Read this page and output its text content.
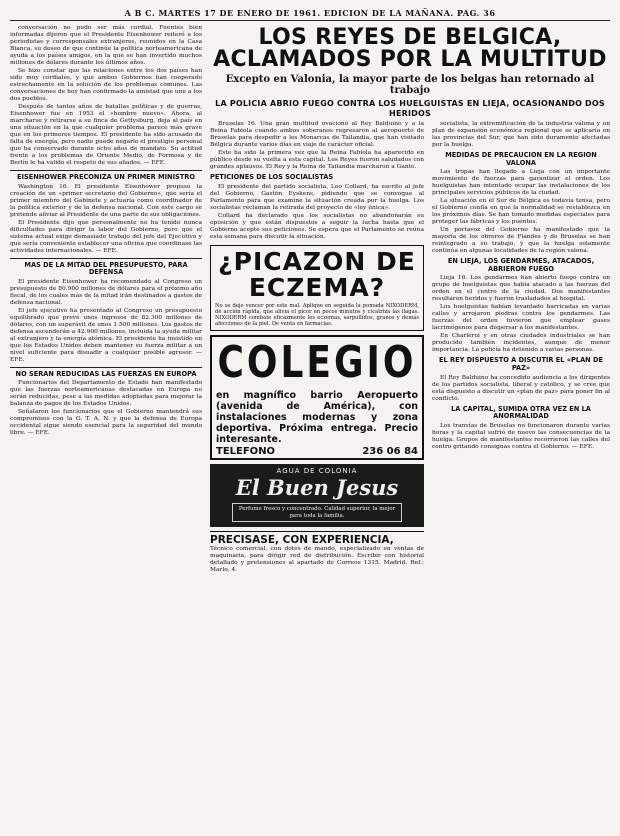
A B C. MARTES 17 DE ENERO DE 1961. EDICION DE LA MAÑANA. PAG. 36

conversación no pudo ser más cordial. Fuentes bien informadas dijeron que el Presidente Eisenhower reiteró a los periodistas y corresponsales extranjeros, reunidos en la Casa Blanca, su deseo de que continúe la política norteamericana de ayuda a los países amigos, en la que se han invertido muchos millones de dólares durante los últimos años.

Se hizo constar que las relaciones entre los dos países han sido muy cordiales, y que ambos Gobiernos han cooperado estrechamente en la solución de los problemas comunes. Las conversaciones de hoy han confirmado la amistad que une a los dos pueblos.

Después de tantos años de batallas políticas y de guerras, Eisenhower fue en 1953 el «hombre nuevo». Ahora, al marcharse y retirarse a su finca de Gettysburg, deja al país en una situación en la que cualquier problema parece más grave que en los primeros tiempos. El presidente ha sido acusado de falta de energía, pero nadie puede negarle el prestigio personal que ha conservado durante ocho años de mandato. Su actitud frente a los problemas de Oriente Medio, de Formosa y de Berlín le ha valido el respeto de sus aliados. — EFE.

EISENHOWER PRECONIZA UN PRIMER MINISTRO

Washington 16. El presidente Eisenhower propuso la creación de un «primer secretario del Gobierno», que sería el primer miembro del Gabinete y actuaría como coordinador de la política exterior y de la defensa nacional. Con este cargo se pretende aliviar al Presidente de una parte de sus obligaciones.

El Presidente dijo que personalmente no ha tenido nunca dificultades para dirigir la labor del Gobierno, pero que el sistema actual exige demasiado trabajo del jefe del Ejecutivo y que sería conveniente establecer una oficina que coordinase las actividades internacionales. — EFE.

MAS DE LA MITAD DEL PRESUPUESTO, PARA DEFENSA

El presidente Eisenhower ha recomendado al Congreso un presupuesto de 80.900 millones de dólares para el próximo año fiscal, de los cuales más de la mitad irán destinados a gastos de defensa nacional.

El jefe ejecutivo ha presentado al Congreso un presupuesto equilibrado que prevé unos ingresos de 82.300 millones de dólares, con un superávit de unos 1.500 millones. Los gastos de defensa ascenderán a 42.900 millones, incluida la ayuda militar al extranjero y la energía atómica. El presidente ha insistido en que los Estados Unidos deben mantener su fuerza militar a un nivel suficiente para disuadir a cualquier posible agresor. — EFE.

NO SERAN REDUCIDAS LAS FUERZAS EN EUROPA

Funcionarios del Departamento de Estado han manifestado que las fuerzas norteamericanas destacadas en Europa no serán reducidas, pese a las medidas adoptadas para mejorar la balanza de pagos de los Estados Unidos.

Señalaron los funcionarios que el Gobierno mantendrá sus compromisos con la O. T. A. N. y que la defensa de Europa occidental sigue siendo esencial para la seguridad del mundo libre. — EFE.

LOS REYES DE BELGICA, ACLAMADOS POR LA MULTITUD
Excepto en Valonia, la mayor parte de los belgas han retornado al trabajo
LA POLICIA ABRIO FUEGO CONTRA LOS HUELGUISTAS EN LIEJA, OCASIONANDO DOS HERIDOS

Bruselas 16. Una gran multitud ovacionó al Rey Balduino y a la Reina Fabiola cuando ambos soberanos regresaron al aeropuerto de Bruselas para despedir a los Monarcas de Tailandia, que han visitado Bélgica durante varios días en viaje de carácter oficial.

Este ha sido la primera vez que la Reina Fabiola ha aparecido en público desde su vuelta a esta capital. Los Reyes fueron saludados con grandes aplausos. El Rey y la Reina de Tailandia marcharon a Gante.

PETICIONES DE LOS SOCIALISTAS

El presidente del partido socialista, Leo Collard, ha escrito al jefe del Gobierno, Gastón Eyskens, pidiendo que se convoque al Parlamento para que examine la situación creada por la huelga. Los socialistas reclaman la retirada del proyecto de «ley única».

Collard ha declarado que los socialistas no abandonarán su oposición y que están dispuestos a seguir la lucha hasta que el Gobierno acepte sus peticiones. Se espera que el Parlamento se reúna esta semana para discutir la situación.

¿PICAZON DE ECZEMA?
No se deje vencer por este mal. Aplique en seguida la pomada NIXODERM, de acción rápida, que alivia el picor en pocos minutos y cicatriza las llagas. NIXODERM combate eficazmente los eczemas, sarpullidos, granos y demás afecciones de la piel. De venta en farmacias.
COLEGIO
en magnífico barrio Aeropuerto (avenida de América), con instalaciones modernas y zona deportiva. Próxima entrega. Precio interesante.
TELEFONO	236 06 84
AGUA DE COLONIA
El Buen Jesus
Perfume fresco y concentrado. Calidad superior, la mejor para toda la familia.
PRECISASE, CON EXPERIENCIA,
Técnico comercial, con dotes de mando, especializado en ventas de maquinaria, para dirigir red de distribución. Escribir con historial detallado y pretensiones al apartado de Correos 1315. Madrid. Ref.: Marlo, 4.

socialista, la extremificación de la industria valona y un plan de expansión económica regional que se aplicaría en las provincias del Sur, que han sido duramente afectadas por la huelga.

MEDIDAS DE PRECAUCION EN LA REGION VALONA

Las tropas han llegado a Lieja con un importante movimiento de fuerzas para garantizar el orden. Los huelguistas han intentado ocupar las instalaciones de los principales servicios públicos de la ciudad.

La situación en el Sur de Bélgica es todavía tensa, pero el Gobierno confía en que la normalidad se restablezca en los próximos días. Se han tomado medidas especiales para proteger las fábricas y los puentes.

Un portavoz del Gobierno ha manifestado que la mayoría de los obreros de Flandes y de Bruselas se han reintegrado a su trabajo, y que la huelga solamente continúa en algunas localidades de la región valona.

EN LIEJA, LOS GENDARMES, ATACADOS, ABRIERON FUEGO

Lieja 16. Los gendarmes han abierto fuego contra un grupo de huelguistas que había atacado a las fuerzas del orden en el centro de la ciudad. Dos manifestantes resultaron heridos y fueron trasladados al hospital.

Los huelguistas habían levantado barricadas en varias calles y arrojaron piedras contra los gendarmes. Las fuerzas del orden tuvieron que emplear gases lacrimógenos para dispersar a los manifestantes.

En Charleroi y en otras ciudades industriales se han producido también incidentes, aunque de menor importancia. La policía ha detenido a varias personas.

EL REY DISPUESTO A DISCUTIR EL «PLAN DE PAZ»

El Rey Balduino ha concedido audiencia a los dirigentes de los partidos socialista, liberal y católico, y se cree que está dispuesto a discutir un «plan de paz» para poner fin al conflicto.

LA CAPITAL, SUMIDA OTRA VEZ EN LA ANORMALIDAD

Los tranvías de Bruselas no funcionaron durante varias horas y la capital sufrió de nuevo las consecuencias de la huelga. Grupos de manifestantes recorrieron las calles del centro gritando consignas contra el Gobierno. — EFE.
